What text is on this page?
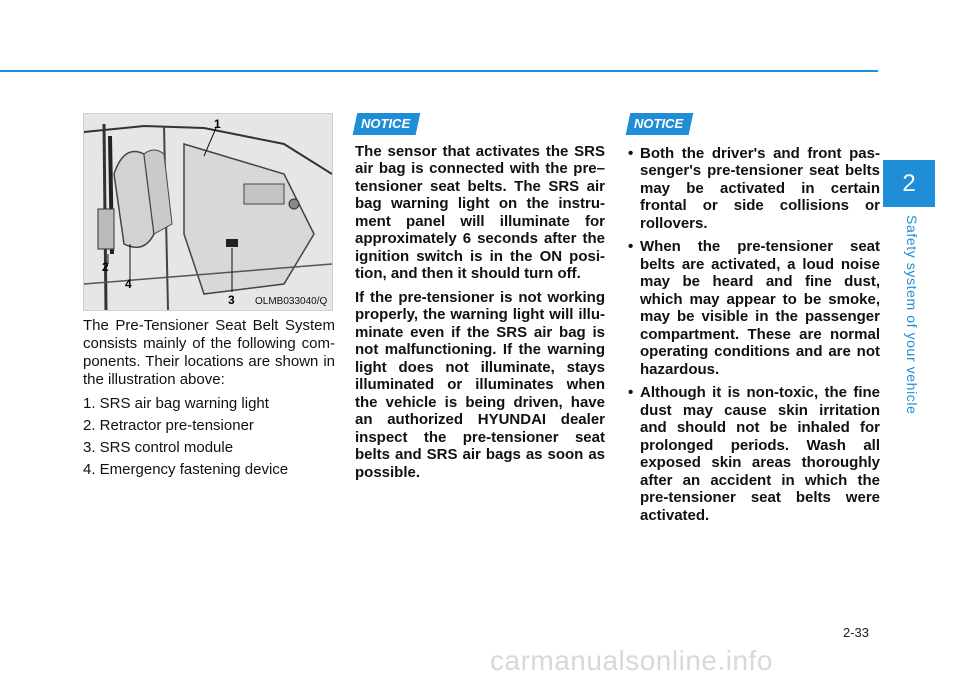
2
Safety system of your vehicle
1
2
3
4
OLMB033040/Q

The Pre-Tensioner Seat Belt System consists mainly of the following com-ponents. Their locations are shown in the illustration above:

1. SRS air bag warning light
2. Retractor pre-tensioner
3. SRS control module
4. Emergency fastening device
NOTICE

The sensor that activates the SRS air bag is connected with the pre–tensioner seat belts. The SRS air bag warning light on the instru-ment panel will illuminate for approximately 6 seconds after the ignition switch is in the ON posi-tion, and then it should turn off.

If the pre-tensioner is not working properly, the warning light will illu-minate even if the SRS air bag is not malfunctioning. If the warning light does not illuminate, stays illuminated or illuminates when the vehicle is being driven, have an authorized HYUNDAI dealer inspect the pre-tensioner seat belts and SRS air bags as soon as possible.

NOTICE
• Both the driver's and front pas-senger's pre-tensioner seat belts may be activated in certain frontal or side collisions or rollovers.
• When the pre-tensioner seat belts are activated, a loud noise may be heard and fine dust, which may appear to be smoke, may be visible in the passenger compartment. These are normal operating conditions and are not hazardous.
• Although it is non-toxic, the fine dust may cause skin irritation and should not be inhaled for prolonged periods. Wash all exposed skin areas thoroughly after an accident in which the pre-tensioner seat belts were activated.
2-33
carmanualsonline.info
